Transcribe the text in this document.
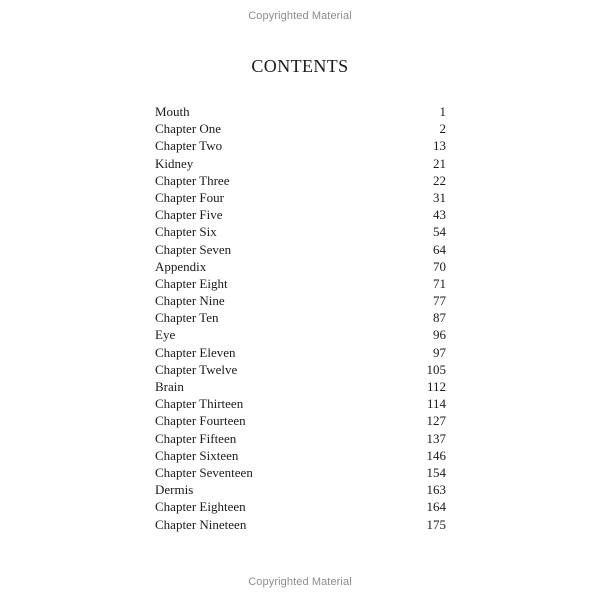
Copyrighted Material
CONTENTS
Mouth	1
Chapter One	2
Chapter Two	13
Kidney	21
Chapter Three	22
Chapter Four	31
Chapter Five	43
Chapter Six	54
Chapter Seven	64
Appendix	70
Chapter Eight	71
Chapter Nine	77
Chapter Ten	87
Eye	96
Chapter Eleven	97
Chapter Twelve	105
Brain	112
Chapter Thirteen	114
Chapter Fourteen	127
Chapter Fifteen	137
Chapter Sixteen	146
Chapter Seventeen	154
Dermis	163
Chapter Eighteen	164
Chapter Nineteen	175
Copyrighted Material
